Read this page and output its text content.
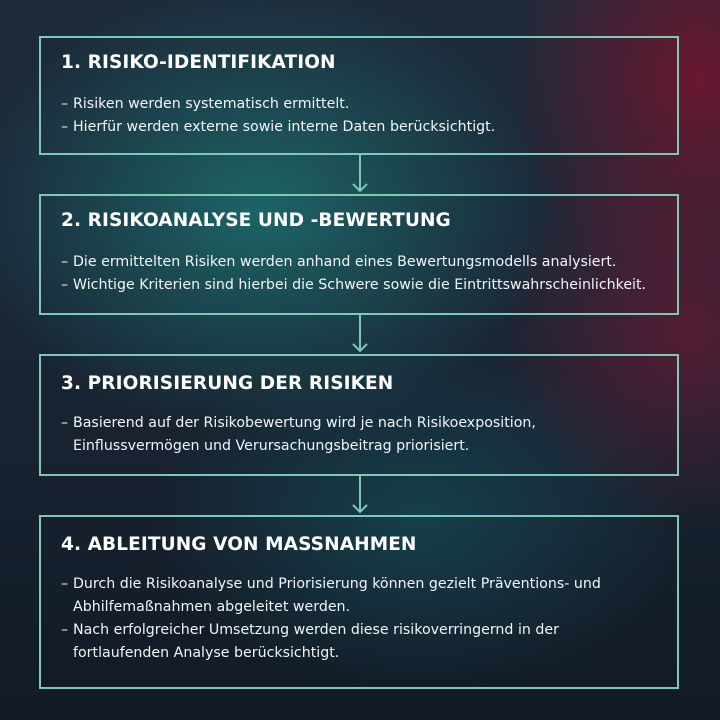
1. RISIKO-IDENTIFIKATION
– Risiken werden systematisch ermittelt.
– Hierfür werden externe sowie interne Daten berücksichtigt.
2. RISIKOANALYSE UND -BEWERTUNG
– Die ermittelten Risiken werden anhand eines Bewertungsmodells analysiert.
– Wichtige Kriterien sind hierbei die Schwere sowie die Eintrittswahrscheinlichkeit.
3. PRIORISIERUNG DER RISIKEN
– Basierend auf der Risikobewertung wird je nach Risikoexposition,
Einflussvermögen und Verursachungsbeitrag priorisiert.
4. ABLEITUNG VON MASSNAHMEN
– Durch die Risikoanalyse und Priorisierung können gezielt Präventions- und
Abhilfemaßnahmen abgeleitet werden.
– Nach erfolgreicher Umsetzung werden diese risikoverringernd in der
fortlaufenden Analyse berücksichtigt.
